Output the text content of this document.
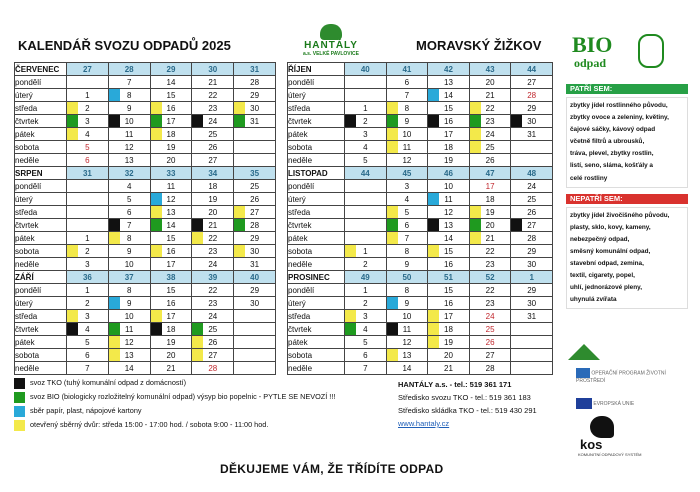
KALENDÁŘ SVOZU ODPADŮ 2025	HANTÁLY
a.s. VELKÉ PAVLOVICE
MORAVSKÝ ŽIŽKOV BIO
odpad
ČERVENEC	27	28	29	30	31
pondělí		7	14	21	28
úterý	1	8	15	22	29
středa	2	9	16	23	30
čtvrtek	3	10	17	24	31
pátek	4	11	18	25	
sobota	5	12	19	26	
neděle	6	13	20	27	
SRPEN	31	32	33	34	35
pondělí		4	11	18	25
úterý		5	12	19	26
středa		6	13	20	27
čtvrtek		7	14	21	28
pátek	1	8	15	22	29
sobota	2	9	16	23	30
neděle	3	10	17	24	31
ZÁŘÍ	36	37	38	39	40
pondělí	1	8	15	22	29
úterý	2	9	16	23	30
středa	3	10	17	24	
čtvrtek	4	11	18	25	
pátek	5	12	19	26	
sobota	6	13	20	27	
neděle	7	14	21	28	
ŘÍJEN	40	41	42	43	44
pondělí		6	13	20	27
úterý		7	14	21	28
středa	1	8	15	22	29
čtvrtek	2	9	16	23	30
pátek	3	10	17	24	31
sobota	4	11	18	25	
neděle	5	12	19	26	
LISTOPAD	44	45	46	47	48
pondělí		3	10	17	24
úterý		4	11	18	25
středa		5	12	19	26
čtvrtek		6	13	20	27
pátek		7	14	21	28
sobota	1	8	15	22	29
neděle	2	9	16	23	30
PROSINEC	49	50	51	52	1
pondělí	1	8	15	22	29
úterý	2	9	16	23	30
středa	3	10	17	24	31
čtvrtek	4	11	18	25	
pátek	5	12	19	26	
sobota	6	13	20	27	
neděle	7	14	21	28	
PATŘÍ SEM:
zbytky jídel rostlinného původu,
zbytky ovoce a zeleniny, květiny,
čajové sáčky, kávový odpad
včetně filtrů a ubrousků,
tráva, plevel, zbytky rostlin,
listí, seno, sláma, košťály a
celé rostliny
NEPATŘÍ SEM:
zbytky jídel živočišného původu,
plasty, sklo, kovy, kameny,
nebezpečný odpad,
směsný komunální odpad,
stavební odpad, zemina,
textil, cigarety, popel,
uhlí, jednorázové pleny,
uhynulá zvířata
svoz TKO (tuhý komunální odpad z domácností)
svoz BIO (biologicky rozložitelný komunální odpad) výsyp bio popelnic - PYTLE SE NEVOZÍ !!!
sběr papír, plast, nápojové kartony
otevřený sběrný dvůr: středa 15:00 - 17:00 hod. / sobota 9:00 - 11:00 hod.
HANTÁLY a.s. - tel.: 519 361 171
Středisko svozu TKO - tel.: 519 361 183
Středisko skládka TKO - tel.: 519 430 291
www.hantaly.cz
OPERAČNÍ PROGRAM ŽIVOTNÍ PROSTŘEDÍ
EVROPSKÁ UNIE
kos
KOMUNITNÍ ODPADOVÝ SYSTÉM
DĚKUJEME VÁM, ŽE TŘÍDÍTE ODPAD
